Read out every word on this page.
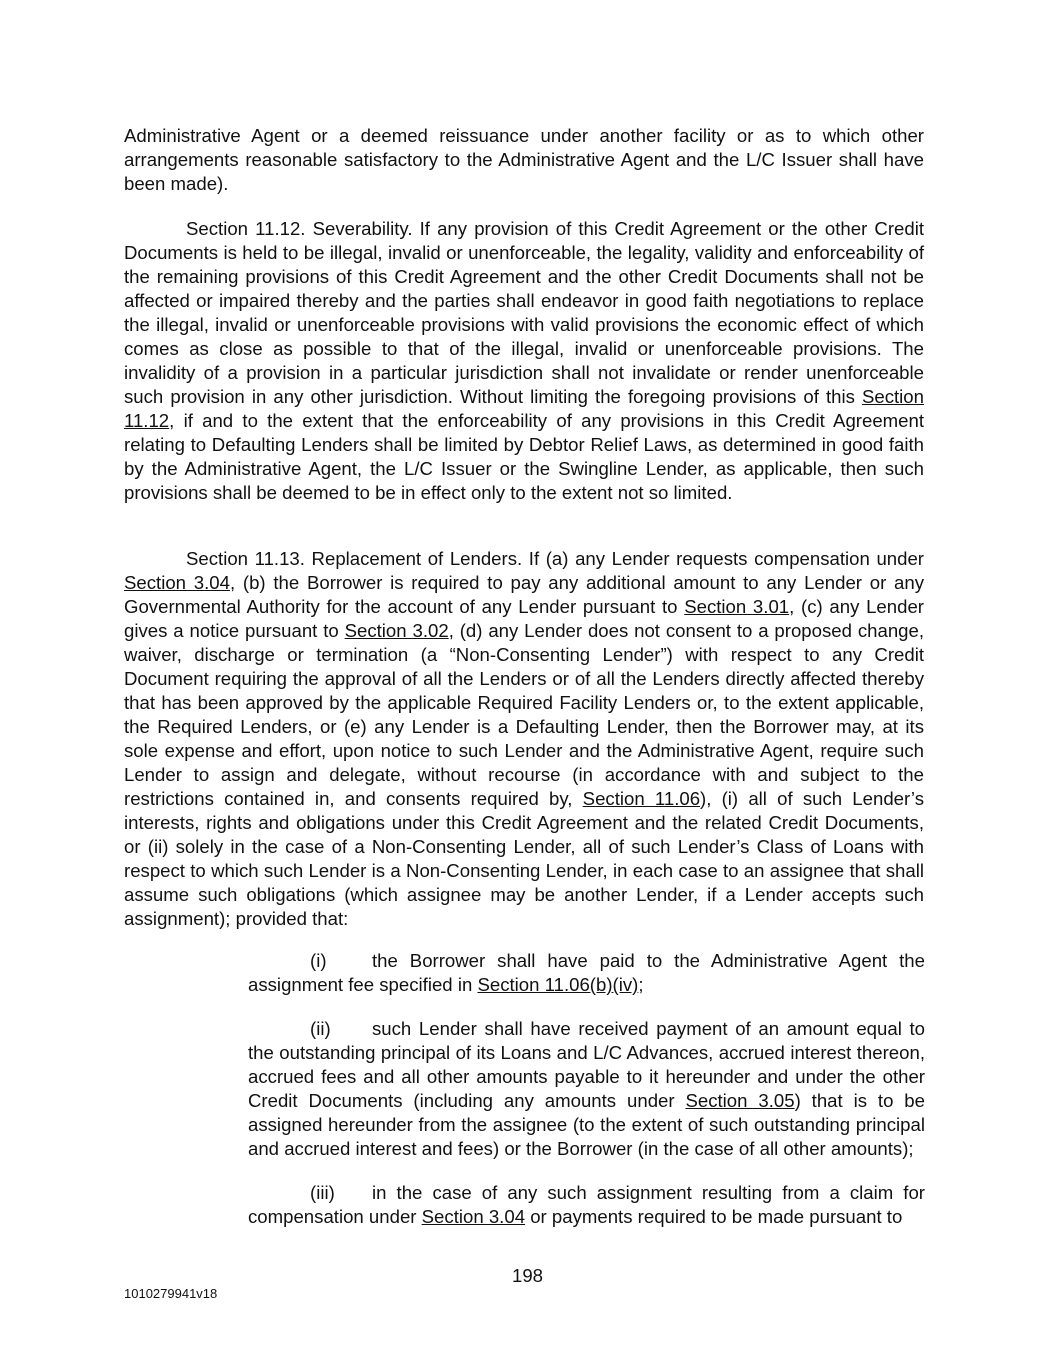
Administrative Agent or a deemed reissuance under another facility or as to which other arrangements reasonable satisfactory to the Administrative Agent and the L/C Issuer shall have been made).

Section 11.12. Severability. If any provision of this Credit Agreement or the other Credit Documents is held to be illegal, invalid or unenforceable, the legality, validity and enforceability of the remaining provisions of this Credit Agreement and the other Credit Documents shall not be affected or impaired thereby and the parties shall endeavor in good faith negotiations to replace the illegal, invalid or unenforceable provisions with valid provisions the economic effect of which comes as close as possible to that of the illegal, invalid or unenforceable provisions. The invalidity of a provision in a particular jurisdiction shall not invalidate or render unenforceable such provision in any other jurisdiction. Without limiting the foregoing provisions of this Section 11.12, if and to the extent that the enforceability of any provisions in this Credit Agreement relating to Defaulting Lenders shall be limited by Debtor Relief Laws, as determined in good faith by the Administrative Agent, the L/C Issuer or the Swingline Lender, as applicable, then such provisions shall be deemed to be in effect only to the extent not so limited.

Section 11.13. Replacement of Lenders. If (a) any Lender requests compensation under Section 3.04, (b) the Borrower is required to pay any additional amount to any Lender or any Governmental Authority for the account of any Lender pursuant to Section 3.01, (c) any Lender gives a notice pursuant to Section 3.02, (d) any Lender does not consent to a proposed change, waiver, discharge or termination (a “Non-Consenting Lender”) with respect to any Credit Document requiring the approval of all the Lenders or of all the Lenders directly affected thereby that has been approved by the applicable Required Facility Lenders or, to the extent applicable, the Required Lenders, or (e) any Lender is a Defaulting Lender, then the Borrower may, at its sole expense and effort, upon notice to such Lender and the Administrative Agent, require such Lender to assign and delegate, without recourse (in accordance with and subject to the restrictions contained in, and consents required by, Section 11.06), (i) all of such Lender’s interests, rights and obligations under this Credit Agreement and the related Credit Documents, or (ii) solely in the case of a Non-Consenting Lender, all of such Lender’s Class of Loans with respect to which such Lender is a Non-Consenting Lender, in each case to an assignee that shall assume such obligations (which assignee may be another Lender, if a Lender accepts such assignment); provided that:

(i) the Borrower shall have paid to the Administrative Agent the assignment fee specified in Section 11.06(b)(iv);

(ii) such Lender shall have received payment of an amount equal to the outstanding principal of its Loans and L/C Advances, accrued interest thereon, accrued fees and all other amounts payable to it hereunder and under the other Credit Documents (including any amounts under Section 3.05) that is to be assigned hereunder from the assignee (to the extent of such outstanding principal and accrued interest and fees) or the Borrower (in the case of all other amounts);

(iii) in the case of any such assignment resulting from a claim for compensation under Section 3.04 or payments required to be made pursuant to

198
1010279941v18
